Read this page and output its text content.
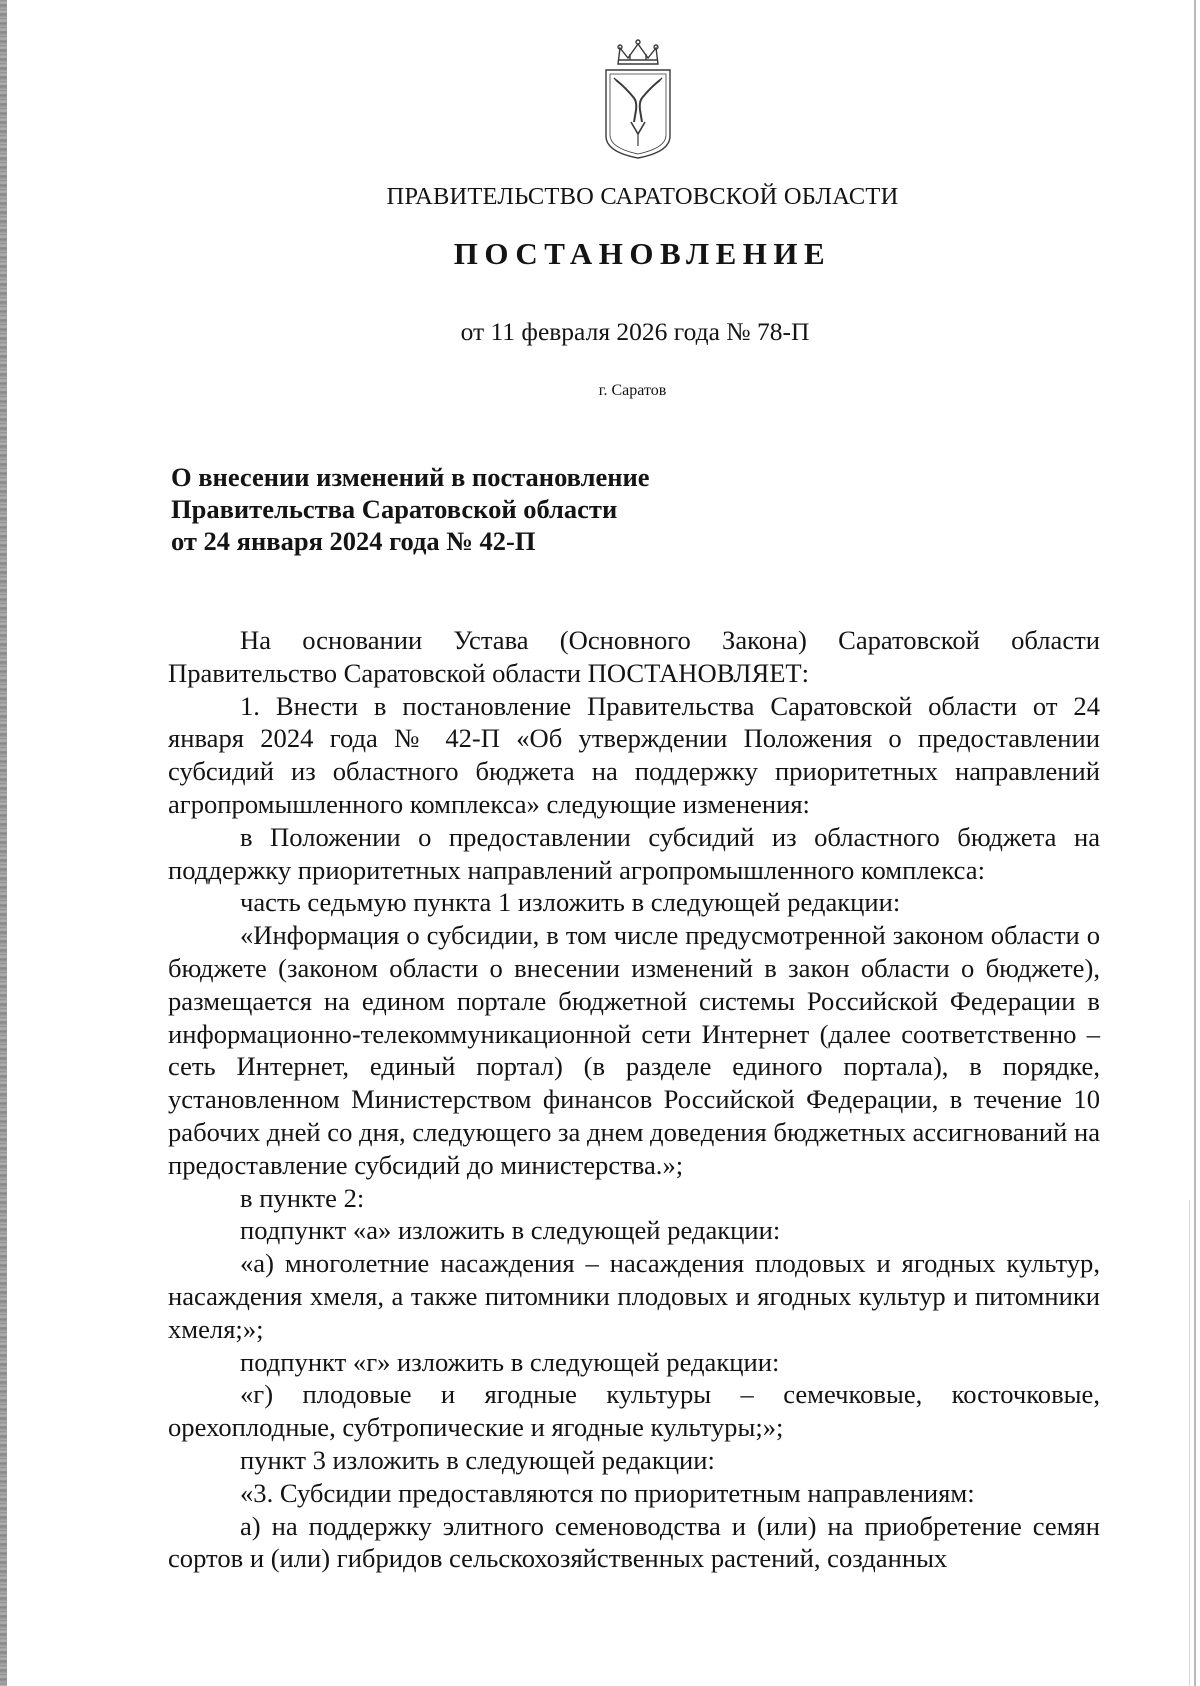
ПРАВИТЕЛЬСТВО САРАТОВСКОЙ ОБЛАСТИ
ПОСТАНОВЛЕНИЕ
от 11 февраля 2026 года № 78-П
г. Саратов
О внесении изменений в постановление
Правительства Саратовской области
от 24 января 2024 года № 42-П

На основании Устава (Основного Закона) Саратовской области Правительство Саратовской области ПОСТАНОВЛЯЕТ:

1. Внести в постановление Правительства Саратовской области от 24 января 2024 года № 42-П «Об утверждении Положения о предоставлении субсидий из областного бюджета на поддержку приоритетных направлений агропромышленного комплекса» следующие изменения:

в Положении о предоставлении субсидий из областного бюджета на поддержку приоритетных направлений агропромышленного комплекса:

часть седьмую пункта 1 изложить в следующей редакции:

«Информация о субсидии, в том числе предусмотренной законом области о бюджете (законом области о внесении изменений в закон области о бюджете), размещается на едином портале бюджетной системы Российской Федерации в информационно-телекоммуникационной сети Интернет (далее соответственно – сеть Интернет, единый портал) (в разделе единого портала), в порядке, установленном Министерством финансов Российской Федерации, в течение 10 рабочих дней со дня, следующего за днем доведения бюджетных ассигнований на предоставление субсидий до министерства.»;

в пункте 2:

подпункт «а» изложить в следующей редакции:

«а) многолетние насаждения – насаждения плодовых и ягодных культур, насаждения хмеля, а также питомники плодовых и ягодных культур и питомники хмеля;»;

подпункт «г» изложить в следующей редакции:

«г) плодовые и ягодные культуры – семечковые, косточковые, орехоплодные, субтропические и ягодные культуры;»;

пункт 3 изложить в следующей редакции:

«3. Субсидии предоставляются по приоритетным направлениям:

а) на поддержку элитного семеноводства и (или) на приобретение семян сортов и (или) гибридов сельскохозяйственных растений, созданных
